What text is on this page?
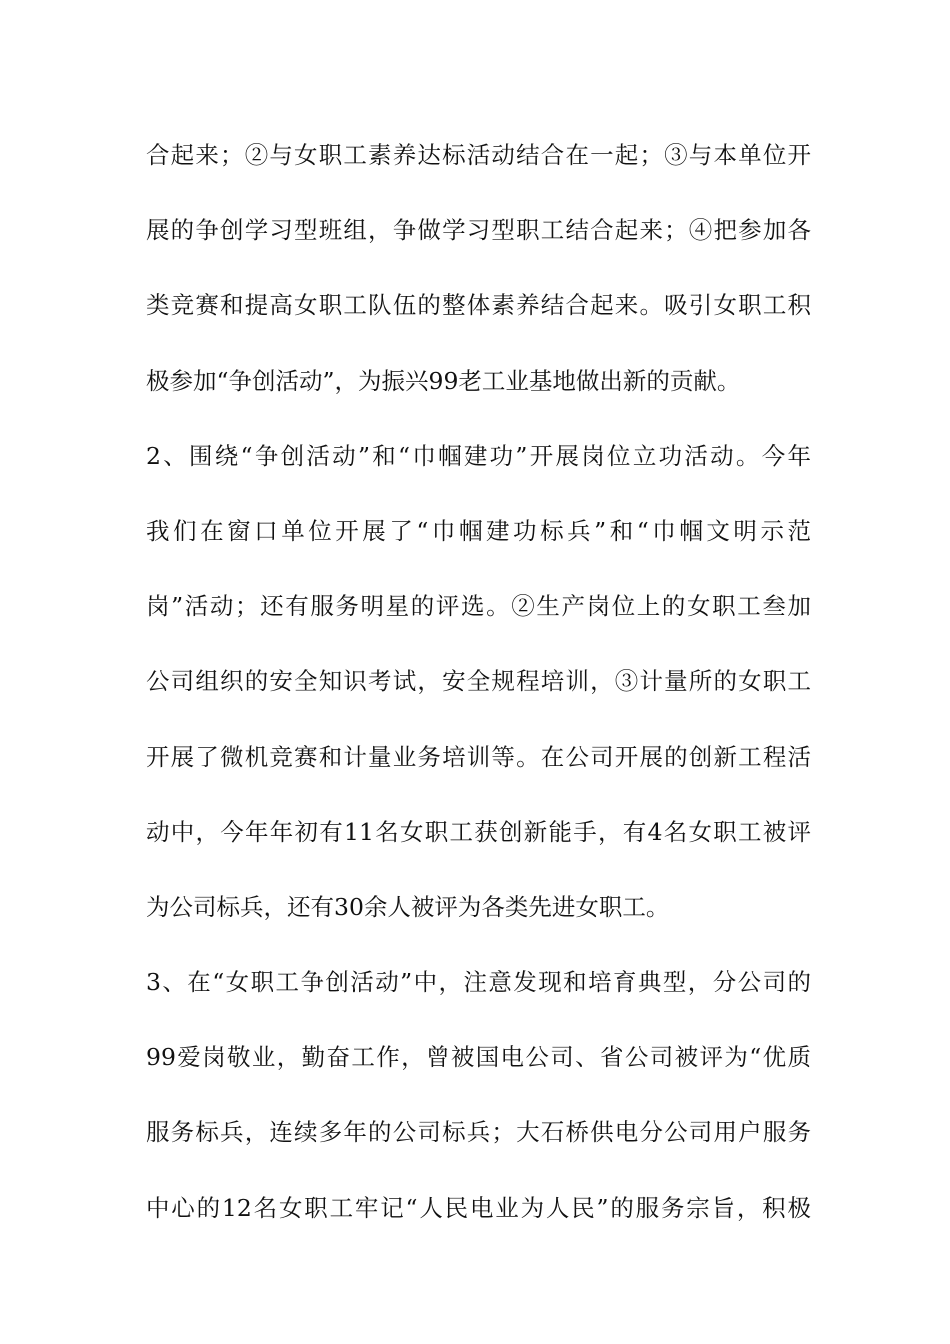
合起来；②与女职工素养达标活动结合在一起；③与本单位开
展的争创学习型班组，争做学习型职工结合起来；④把参加各
类竞赛和提高女职工队伍的整体素养结合起来。吸引女职工积
极参加“争创活动”，为振兴99老工业基地做出新的贡献。
2、围绕“争创活动”和“巾帼建功”开展岗位立功活动。今年
我们在窗口单位开展了“巾帼建功标兵”和“巾帼文明示范
岗”活动；还有服务明星的评选。②生产岗位上的女职工叁加
公司组织的安全知识考试，安全规程培训，③计量所的女职工
开展了微机竞赛和计量业务培训等。在公司开展的创新工程活
动中，今年年初有11名女职工获创新能手，有4名女职工被评
为公司标兵，还有30余人被评为各类先进女职工。
3、在“女职工争创活动”中，注意发现和培育典型，分公司的
99爱岗敬业，勤奋工作，曾被国电公司、省公司被评为“优质
服务标兵，连续多年的公司标兵；大石桥供电分公司用户服务
中心的12名女职工牢记“人民电业为人民”的服务宗旨，积极
